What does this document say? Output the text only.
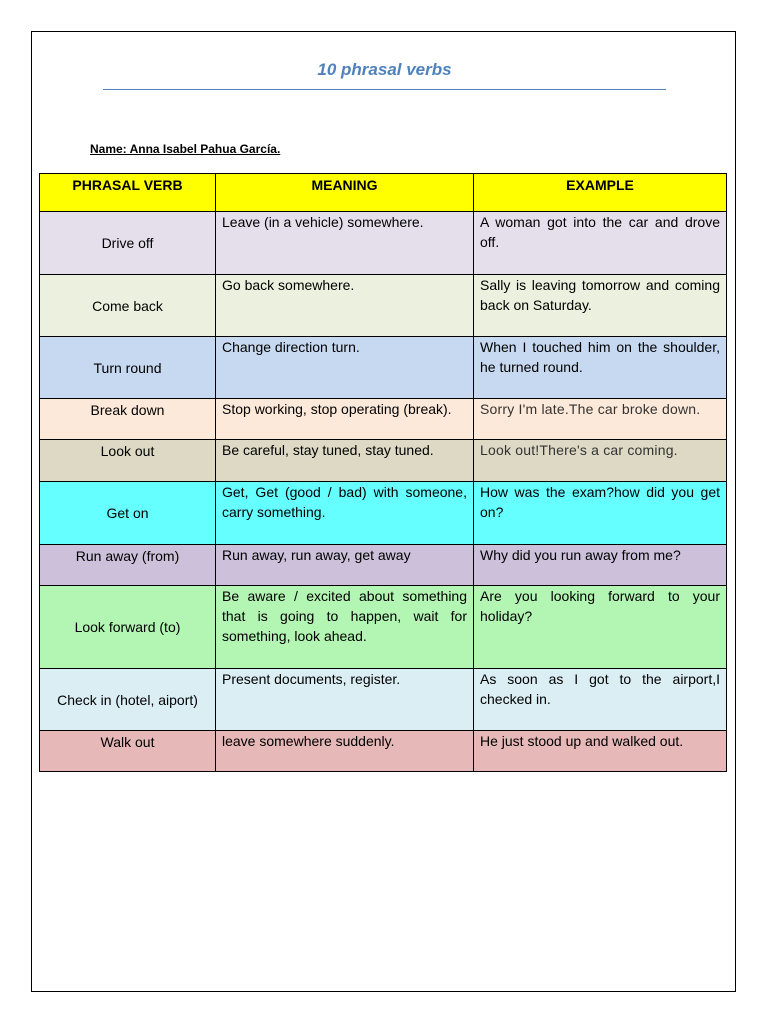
10 phrasal verbs
Name: Anna Isabel Pahua García.
PHRASAL VERB	MEANING	EXAMPLE
Drive off	Leave (in a vehicle) somewhere.	A woman got into the car and drove off.
Come back	Go back somewhere.	Sally is leaving tomorrow and coming back on Saturday.
Turn round	Change direction turn.	When I touched him on the shoulder, he turned round.
Break down	Stop working, stop operating (break).	Sorry I'm late.The car broke down.
Look out	Be careful, stay tuned, stay tuned.	Look out!There's a car coming.
Get on	Get, Get (good / bad) with someone, carry something.	How was the exam?how did you get on?
Run away (from)	Run away, run away, get away	Why did you run away from me?
Look forward (to)	Be aware / excited about something that is going to happen, wait for something, look ahead.	Are you looking forward to your holiday?
Check in (hotel, aiport)	Present documents, register.	As soon as I got to the airport,I checked in.
Walk out	leave somewhere suddenly.	He just stood up and walked out.
